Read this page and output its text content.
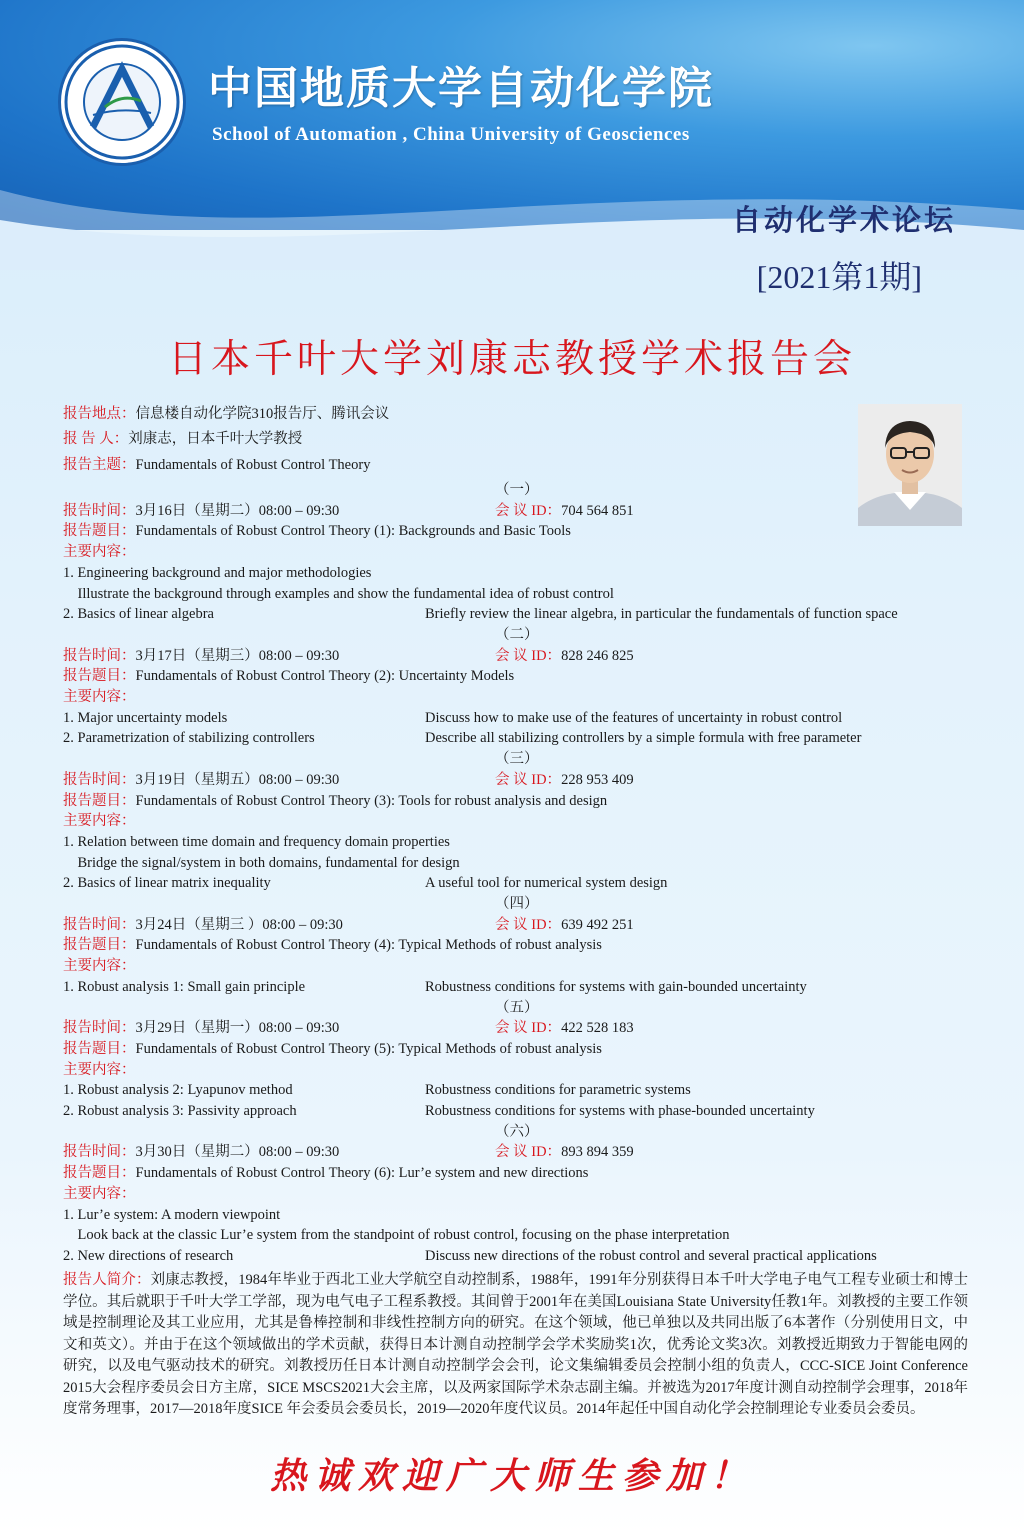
中国地质大学自动化学院
School of Automation , China University of Geosciences
自动化学术论坛
[2021第1期]
日本千叶大学刘康志教授学术报告会
报告地点：信息楼自动化学院310报告厅、腾讯会议
报 告 人：刘康志，日本千叶大学教授
报告主题：Fundamentals of Robust Control Theory
（一）
报告时间：3月16日（星期二）08:00 – 09:30	会 议 ID：704 564 851
报告题目：Fundamentals of Robust Control Theory (1): Backgrounds and Basic Tools
主要内容：
1. Engineering background and major methodologies
Illustrate the background through examples and show the fundamental idea of robust control
2. Basics of linear algebra	Briefly review the linear algebra, in particular the fundamentals of function space
（二）
报告时间：3月17日（星期三）08:00 – 09:30	会 议 ID：828 246 825
报告题目：Fundamentals of Robust Control Theory (2): Uncertainty Models
主要内容：
1. Major uncertainty models	Discuss how to make use of the features of uncertainty in robust control
2. Parametrization of stabilizing controllers	Describe all stabilizing controllers by a simple formula with free parameter
（三）
报告时间：3月19日（星期五）08:00 – 09:30	会 议 ID：228 953 409
报告题目：Fundamentals of Robust Control Theory (3): Tools for robust analysis and design
主要内容：
1. Relation between time domain and frequency domain properties
Bridge the signal/system in both domains, fundamental for design
2. Basics of linear matrix inequality	A useful tool for numerical system design
（四）
报告时间：3月24日（星期三 ）08:00 – 09:30	会 议 ID：639 492 251
报告题目：Fundamentals of Robust Control Theory (4): Typical Methods of robust analysis
主要内容：
1. Robust analysis 1: Small gain principle	Robustness conditions for systems with gain-bounded uncertainty
（五）
报告时间：3月29日（星期一）08:00 – 09:30	会 议 ID：422 528 183
报告题目：Fundamentals of Robust Control Theory (5): Typical Methods of robust analysis
主要内容：
1. Robust analysis 2: Lyapunov method	Robustness conditions for parametric systems
2. Robust analysis 3: Passivity approach	Robustness conditions for systems with phase-bounded uncertainty
（六）
报告时间：3月30日（星期二）08:00 – 09:30	会 议 ID：893 894 359
报告题目：Fundamentals of Robust Control Theory (6): Lur’e system and new directions
主要内容：
1. Lur’e system: A modern viewpoint
Look back at the classic Lur’e system from the standpoint of robust control, focusing on the phase interpretation
2. New directions of research	Discuss new directions of the robust control and several practical applications
报告人简介：刘康志教授，1984年毕业于西北工业大学航空自动控制系，1988年，1991年分别获得日本千叶大学电子电气工程专业硕士和博士学位。其后就职于千叶大学工学部，现为电气电子工程系教授。其间曾于2001年在美国Louisiana State University任教1年。刘教授的主要工作领域是控制理论及其工业应用，尤其是鲁棒控制和非线性控制方向的研究。在这个领域，他已单独以及共同出版了6本著作（分别使用日文，中文和英文）。并由于在这个领域做出的学术贡献，获得日本计测自动控制学会学术奖励奖1次，优秀论文奖3次。刘教授近期致力于智能电网的研究，以及电气驱动技术的研究。刘教授历任日本计测自动控制学会会刊，论文集编辑委员会控制小组的负责人，CCC-SICE Joint Conference 2015大会程序委员会日方主席，SICE MSCS2021大会主席，以及两家国际学术杂志副主编。并被选为2017年度计测自动控制学会理事，2018年度常务理事，2017—2018年度SICE 年会委员会委员长，2019—2020年度代议员。2014年起任中国自动化学会控制理论专业委员会委员。
热诚欢迎广大师生参加！
